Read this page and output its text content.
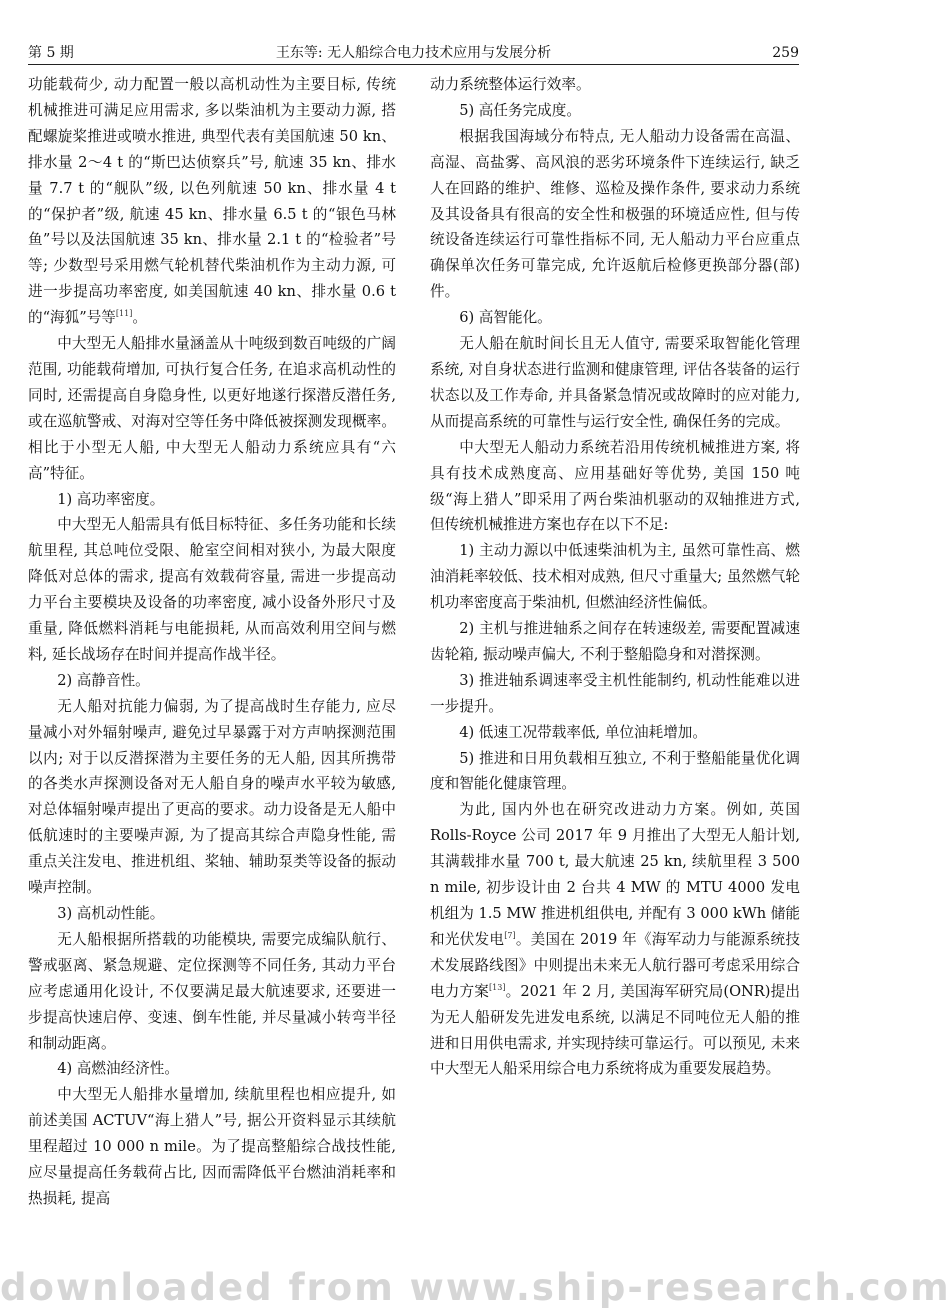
第 5 期	王东等: 无人船综合电力技术应用与发展分析	259

功能载荷少, 动力配置一般以高机动性为主要目标, 传统机械推进可满足应用需求, 多以柴油机为主要动力源, 搭配螺旋桨推进或喷水推进, 典型代表有美国航速 50 kn、排水量 2～4 t 的“斯巴达侦察兵”号, 航速 35 kn、排水量 7.7 t 的“舰队”级, 以色列航速 50 kn、排水量 4 t 的“保护者”级, 航速 45 kn、排水量 6.5 t 的“银色马林鱼”号以及法国航速 35 kn、排水量 2.1 t 的“检验者”号等; 少数型号采用燃气轮机替代柴油机作为主动力源, 可进一步提高功率密度, 如美国航速 40 kn、排水量 0.6 t 的“海狐”号等[11]。

中大型无人船排水量涵盖从十吨级到数百吨级的广阔范围, 功能载荷增加, 可执行复合任务, 在追求高机动性的同时, 还需提高自身隐身性, 以更好地遂行探潜反潜任务, 或在巡航警戒、对海对空等任务中降低被探测发现概率。相比于小型无人船, 中大型无人船动力系统应具有“六高”特征。

1) 高功率密度。

中大型无人船需具有低目标特征、多任务功能和长续航里程, 其总吨位受限、舱室空间相对狭小, 为最大限度降低对总体的需求, 提高有效载荷容量, 需进一步提高动力平台主要模块及设备的功率密度, 减小设备外形尺寸及重量, 降低燃料消耗与电能损耗, 从而高效利用空间与燃料, 延长战场存在时间并提高作战半径。

2) 高静音性。

无人船对抗能力偏弱, 为了提高战时生存能力, 应尽量减小对外辐射噪声, 避免过早暴露于对方声呐探测范围以内; 对于以反潜探潜为主要任务的无人船, 因其所携带的各类水声探测设备对无人船自身的噪声水平较为敏感, 对总体辐射噪声提出了更高的要求。动力设备是无人船中低航速时的主要噪声源, 为了提高其综合声隐身性能, 需重点关注发电、推进机组、桨轴、辅助泵类等设备的振动噪声控制。

3) 高机动性能。

无人船根据所搭载的功能模块, 需要完成编队航行、警戒驱离、紧急规避、定位探测等不同任务, 其动力平台应考虑通用化设计, 不仅要满足最大航速要求, 还要进一步提高快速启停、变速、倒车性能, 并尽量减小转弯半径和制动距离。

4) 高燃油经济性。

中大型无人船排水量增加, 续航里程也相应提升, 如前述美国 ACTUV“海上猎人”号, 据公开资料显示其续航里程超过 10 000 n mile。为了提高整船综合战技性能, 应尽量提高任务载荷占比, 因而需降低平台燃油消耗率和热损耗, 提高

动力系统整体运行效率。

5) 高任务完成度。

根据我国海域分布特点, 无人船动力设备需在高温、高湿、高盐雾、高风浪的恶劣环境条件下连续运行, 缺乏人在回路的维护、维修、巡检及操作条件, 要求动力系统及其设备具有很高的安全性和极强的环境适应性, 但与传统设备连续运行可靠性指标不同, 无人船动力平台应重点确保单次任务可靠完成, 允许返航后检修更换部分器(部)件。

6) 高智能化。

无人船在航时间长且无人值守, 需要采取智能化管理系统, 对自身状态进行监测和健康管理, 评估各装备的运行状态以及工作寿命, 并具备紧急情况或故障时的应对能力, 从而提高系统的可靠性与运行安全性, 确保任务的完成。

中大型无人船动力系统若沿用传统机械推进方案, 将具有技术成熟度高、应用基础好等优势, 美国 150 吨级“海上猎人”即采用了两台柴油机驱动的双轴推进方式, 但传统机械推进方案也存在以下不足:

1) 主动力源以中低速柴油机为主, 虽然可靠性高、燃油消耗率较低、技术相对成熟, 但尺寸重量大; 虽然燃气轮机功率密度高于柴油机, 但燃油经济性偏低。

2) 主机与推进轴系之间存在转速级差, 需要配置减速齿轮箱, 振动噪声偏大, 不利于整船隐身和对潜探测。

3) 推进轴系调速率受主机性能制约, 机动性能难以进一步提升。

4) 低速工况带载率低, 单位油耗增加。

5) 推进和日用负载相互独立, 不利于整船能量优化调度和智能化健康管理。

为此, 国内外也在研究改进动力方案。例如, 英国 Rolls-Royce 公司 2017 年 9 月推出了大型无人船计划, 其满载排水量 700 t, 最大航速 25 kn, 续航里程 3 500 n mile, 初步设计由 2 台共 4 MW 的 MTU 4000 发电机组为 1.5 MW 推进机组供电, 并配有 3 000 kWh 储能和光伏发电[7]。美国在 2019 年《海军动力与能源系统技术发展路线图》中则提出未来无人航行器可考虑采用综合电力方案[13]。2021 年 2 月, 美国海军研究局(ONR)提出为无人船研发先进发电系统, 以满足不同吨位无人船的推进和日用供电需求, 并实现持续可靠运行。可以预见, 未来中大型无人船采用综合电力系统将成为重要发展趋势。

downloaded from www.ship-research.com
